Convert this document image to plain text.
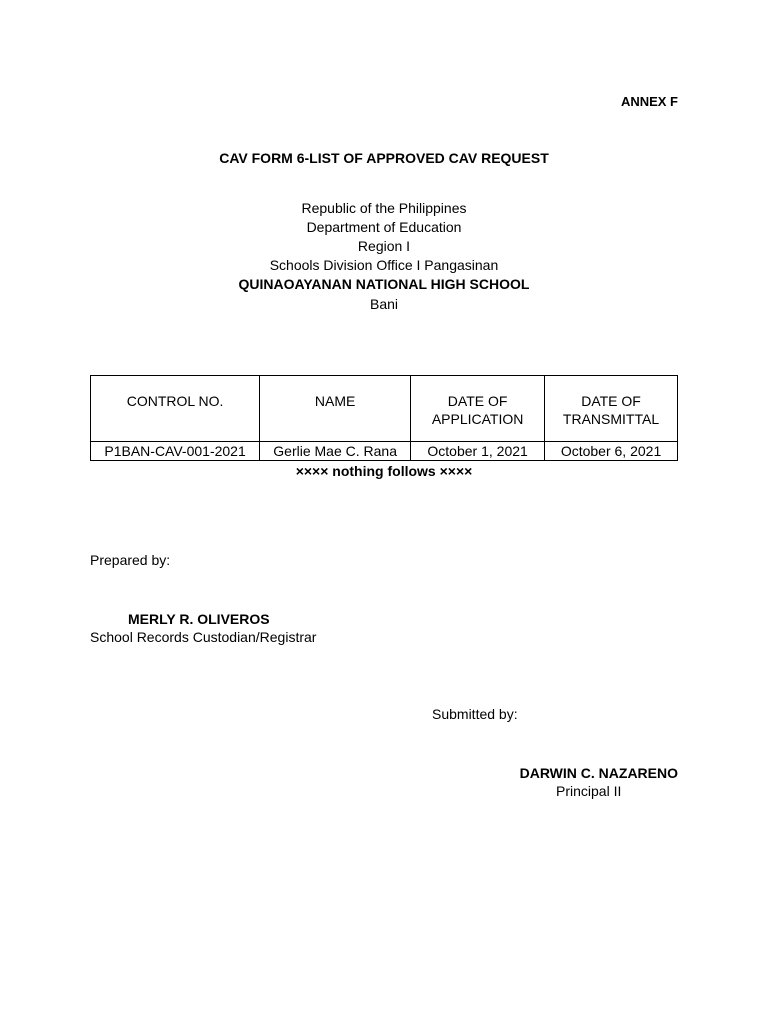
ANNEX F
CAV FORM 6-LIST OF APPROVED CAV REQUEST
Republic of the Philippines
Department of Education
Region I
Schools Division Office I Pangasinan
QUINAOAYANAN NATIONAL HIGH SCHOOL
Bani
CONTROL NO.	NAME	DATE OF APPLICATION	DATE OF TRANSMITTAL
P1BAN-CAV-001-2021	Gerlie Mae C. Rana	October 1, 2021	October 6, 2021
×××× nothing follows ××××
Prepared by:
MERLY R. OLIVEROS
School Records Custodian/Registrar
Submitted by:
DARWIN C. NAZARENO
Principal II
